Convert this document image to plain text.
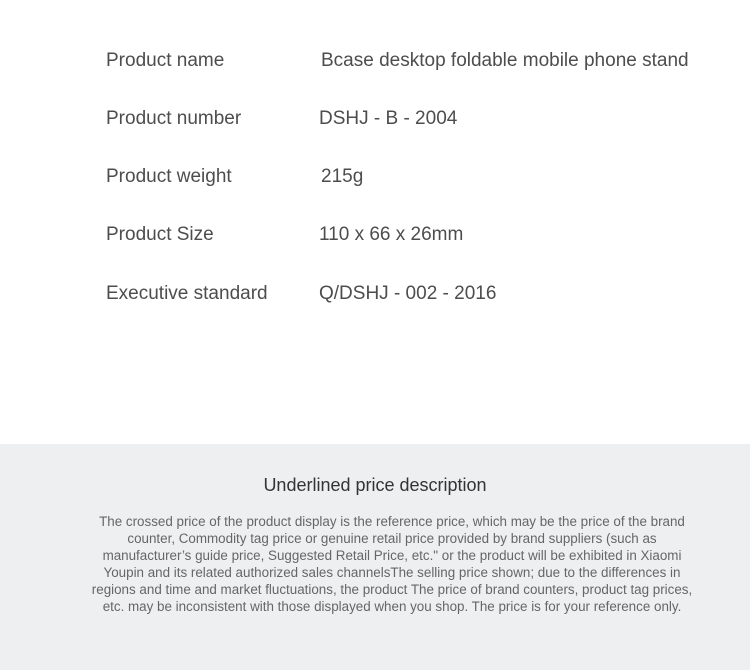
Product name	Bcase desktop foldable mobile phone stand
Product number	DSHJ - B - 2004
Product weight	215g
Product Size	110 x 66 x 26mm
Executive standard	Q/DSHJ - 002 - 2016
Underlined price description
The crossed price of the product display is the reference price, which may be the price of the brand counter, Commodity tag price or genuine retail price provided by brand suppliers (such as manufacturer’s guide price, Suggested Retail Price, etc." or the product will be exhibited in Xiaomi Youpin and its related authorized sales channelsThe selling price shown; due to the differences in regions and time and market fluctuations, the product The price of brand counters, product tag prices, etc. may be inconsistent with those displayed when you shop. The price is for your reference only.
